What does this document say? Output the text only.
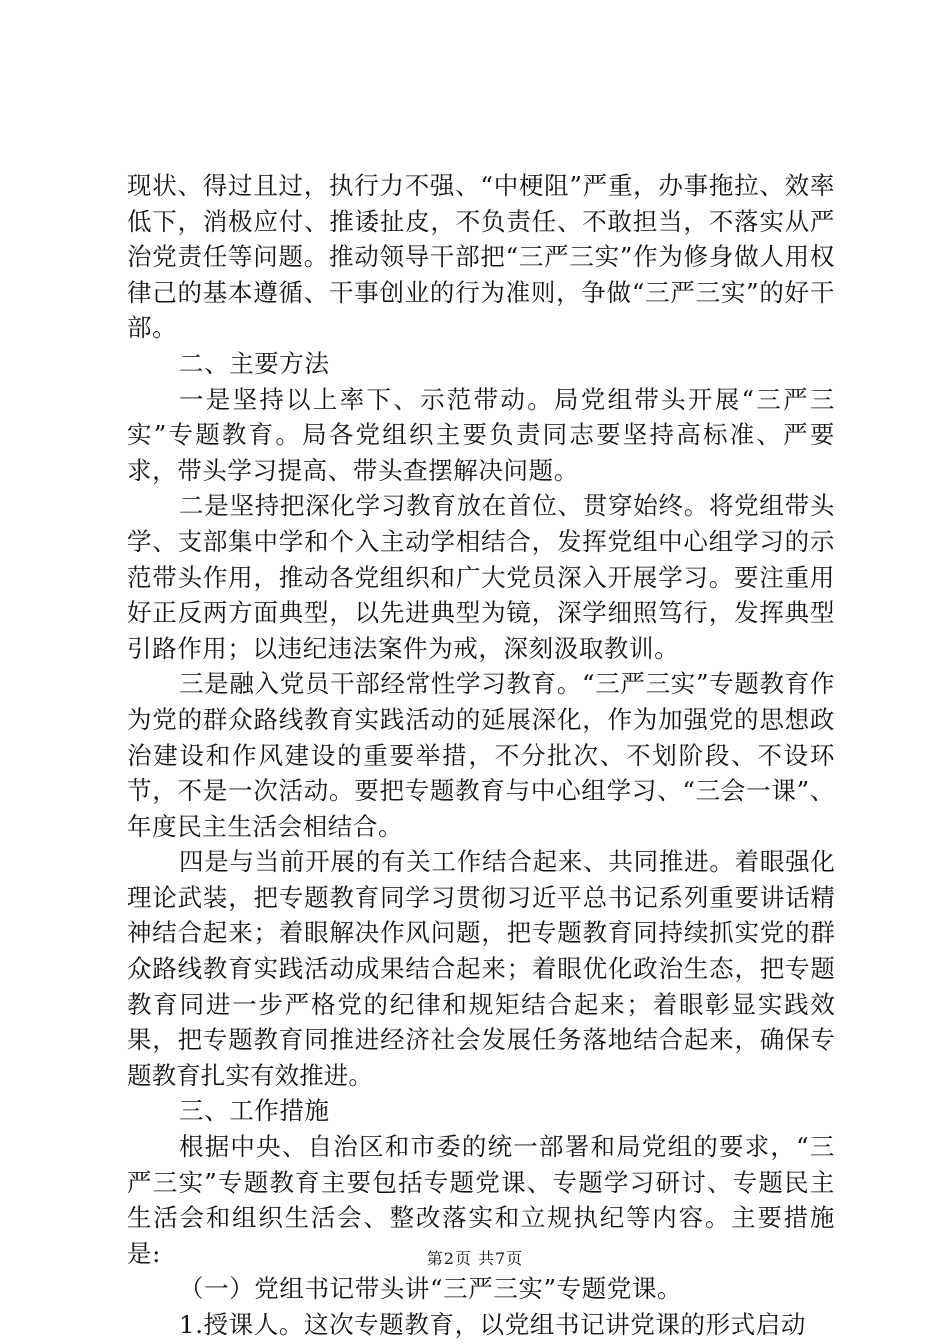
现状、得过且过，执行力不强、“中梗阻”严重，办事拖拉、效率低下，消极应付、推诿扯皮，不负责任、不敢担当，不落实从严治党责任等问题。推动领导干部把“三严三实”作为修身做人用权律己的基本遵循、干事创业的行为准则，争做“三严三实”的好干部。

二、主要方法

一是坚持以上率下、示范带动。局党组带头开展“三严三实”专题教育。局各党组织主要负责同志要坚持高标准、严要求，带头学习提高、带头查摆解决问题。

二是坚持把深化学习教育放在首位、贯穿始终。将党组带头学、支部集中学和个入主动学相结合，发挥党组中心组学习的示范带头作用，推动各党组织和广大党员深入开展学习。要注重用好正反两方面典型，以先进典型为镜，深学细照笃行，发挥典型引路作用；以违纪违法案件为戒，深刻汲取教训。

三是融入党员干部经常性学习教育。“三严三实”专题教育作为党的群众路线教育实践活动的延展深化，作为加强党的思想政治建设和作风建设的重要举措，不分批次、不划阶段、不设环节，不是一次活动。要把专题教育与中心组学习、“三会一课”、年度民主生活会相结合。

四是与当前开展的有关工作结合起来、共同推进。着眼强化理论武装，把专题教育同学习贯彻习近平总书记系列重要讲话精神结合起来；着眼解决作风问题，把专题教育同持续抓实党的群众路线教育实践活动成果结合起来；着眼优化政治生态，把专题教育同进一步严格党的纪律和规矩结合起来；着眼彰显实践效果，把专题教育同推进经济社会发展任务落地结合起来，确保专题教育扎实有效推进。

三、工作措施

根据中央、自治区和市委的统一部署和局党组的要求，“三严三实”专题教育主要包括专题党课、专题学习研讨、专题民主生活会和组织生活会、整改落实和立规执纪等内容。主要措施是:

（一）党组书记带头讲“三严三实”专题党课。

1.授课人。这次专题教育，以党组书记讲党课的形式启动

第2页 共7页
